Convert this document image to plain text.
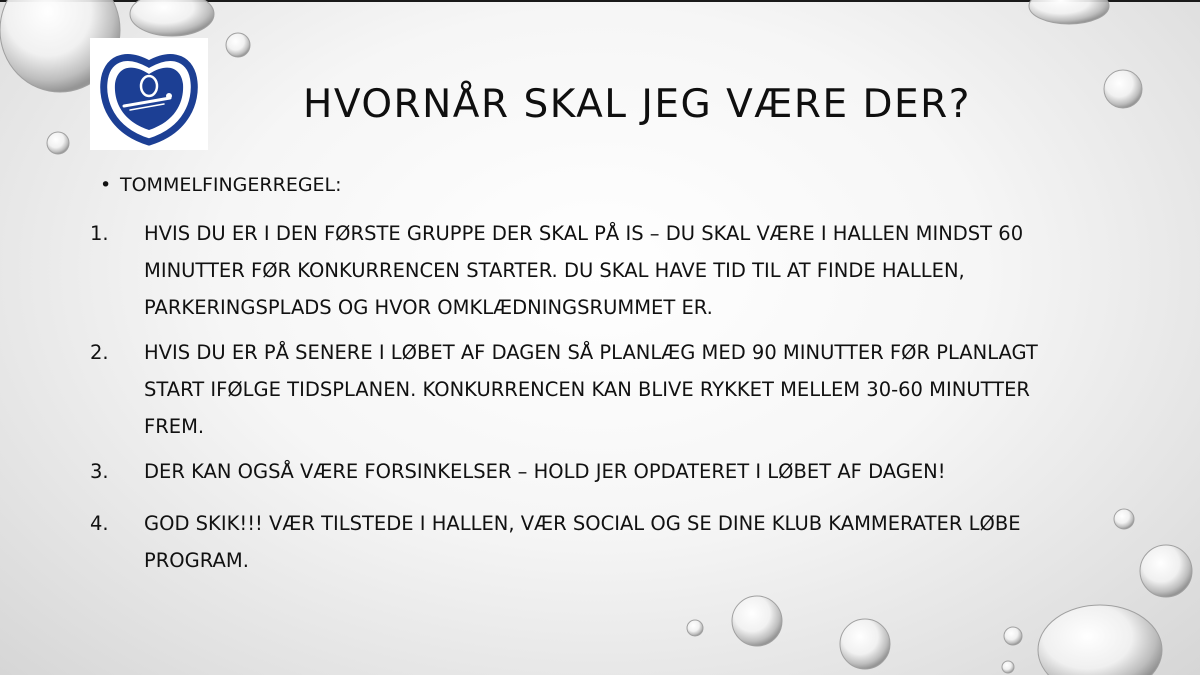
HVORNÅR SKAL JEG VÆRE DER?
• TOMMELFINGERREGEL:
1.	HVIS DU ER I DEN FØRSTE GRUPPE DER SKAL PÅ IS – DU SKAL VÆRE I HALLEN MINDST 60 MINUTTER FØR KONKURRENCEN STARTER. DU SKAL HAVE TID TIL AT FINDE HALLEN, PARKERINGSPLADS OG HVOR OMKLÆDNINGSRUMMET ER.
2.	HVIS DU ER PÅ SENERE I LØBET AF DAGEN SÅ PLANLÆG MED 90 MINUTTER FØR PLANLAGT START IFØLGE TIDSPLANEN. KONKURRENCEN KAN BLIVE RYKKET MELLEM 30-60 MINUTTER FREM.
3.	DER KAN OGSÅ VÆRE FORSINKELSER – HOLD JER OPDATERET I LØBET AF DAGEN!
4.	GOD SKIK!!! VÆR TILSTEDE I HALLEN, VÆR SOCIAL OG SE DINE KLUB KAMMERATER LØBE PROGRAM.
